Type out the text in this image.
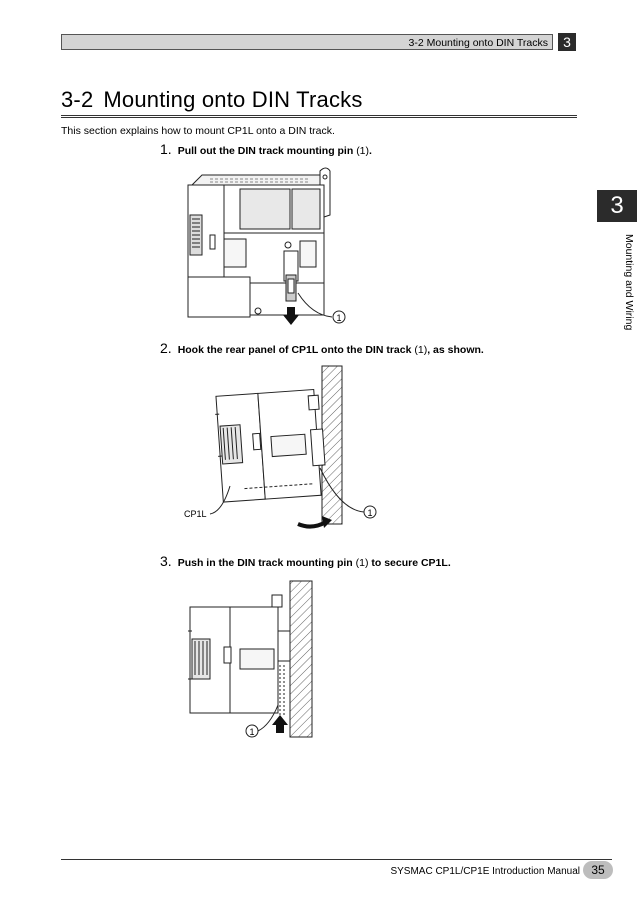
3-2 Mounting onto DIN Tracks	3
3-2 Mounting onto DIN Tracks
This section explains how to mount CP1L onto a DIN track.
1. Pull out the DIN track mounting pin (1).
1
2. Hook the rear panel of CP1L onto the DIN track (1), as shown.
1
CP1L
3. Push in the DIN track mounting pin (1) to secure CP1L.
1
3
Mounting and Wiring
SYSMAC CP1L/CP1E Introduction Manual 35
